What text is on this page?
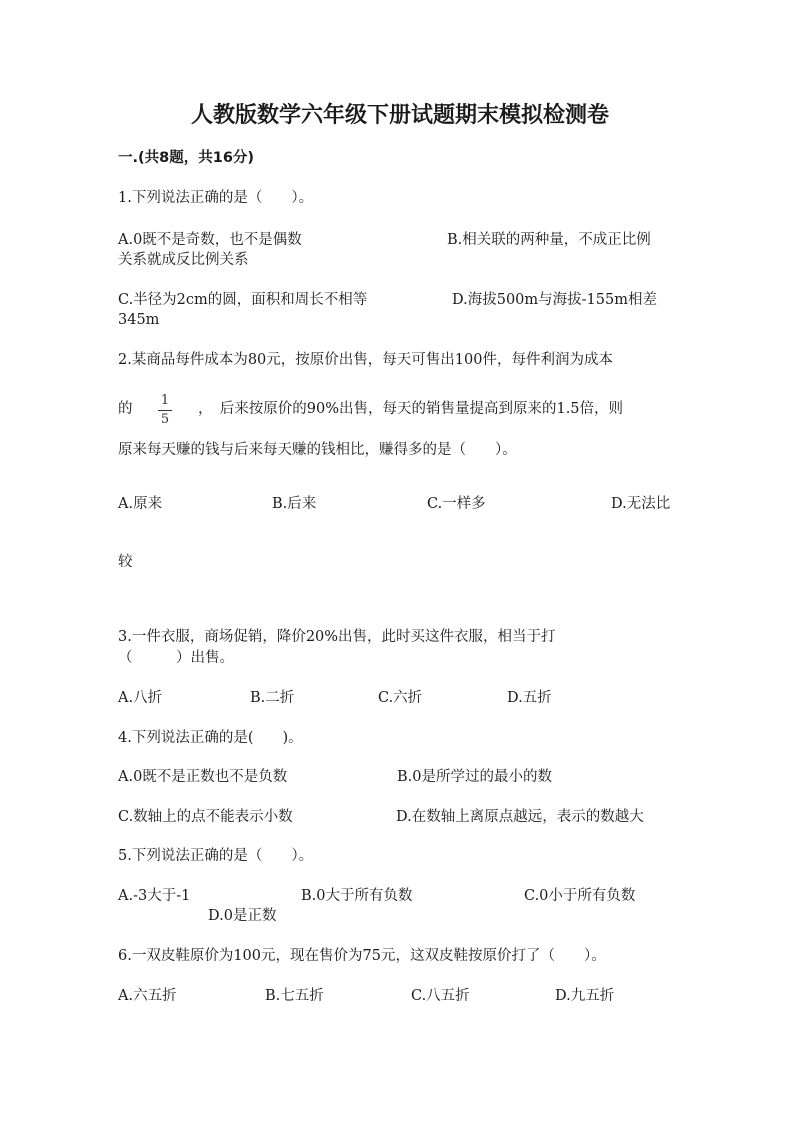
人教版数学六年级下册试题期末模拟检测卷
一.(共8题，共16分)
1.下列说法正确的是（　　）。
A.0既不是奇数，也不是偶数	B.相关联的两种量，不成正比例
关系就成反比例关系
C.半径为2cm的圆，面积和周长不相等	D.海拔500m与海拔-155m相差
345m
2.某商品每件成本为80元，按原价出售，每天可售出100件，每件利润为成本
的
1
5
，　后来按原价的90%出售，每天的销售量提高到原来的1.5倍，则
原来每天赚的钱与后来每天赚的钱相比，赚得多的是（　　）。
A.原来	B.后来	C.一样多	D.无法比
较
3.一件衣服，商场促销，降价20%出售，此时买这件衣服，相当于打
（　　　）出售。
A.八折	B.二折	C.六折	D.五折
4.下列说法正确的是(　　)。
A.0既不是正数也不是负数	B.0是所学过的最小的数
C.数轴上的点不能表示小数	D.在数轴上离原点越远，表示的数越大
5.下列说法正确的是（　　）。
A.-3大于-1	B.0大于所有负数	C.0小于所有负数
D.0是正数
6.一双皮鞋原价为100元，现在售价为75元，这双皮鞋按原价打了（　　）。
A.六五折	B.七五折	C.八五折	D.九五折
